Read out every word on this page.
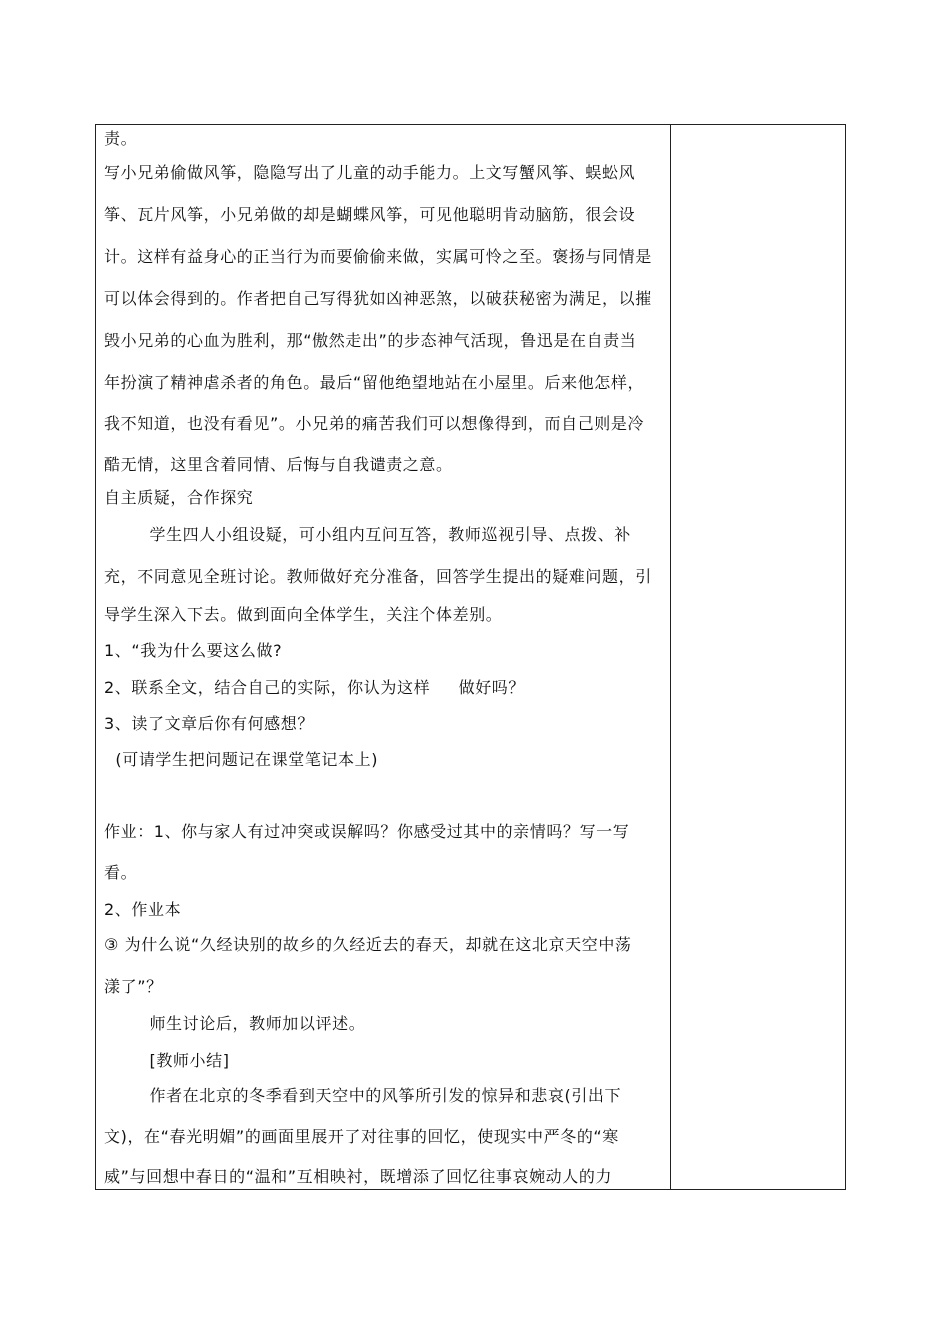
责。
写小兄弟偷做风筝，隐隐写出了儿童的动手能力。上文写蟹风筝、蜈蚣风
筝、瓦片风筝，小兄弟做的却是蝴蝶风筝，可见他聪明肯动脑筋，很会设
计。这样有益身心的正当行为而要偷偷来做，实属可怜之至。褒扬与同情是
可以体会得到的。作者把自己写得犹如凶神恶煞，以破获秘密为满足，以摧
毁小兄弟的心血为胜利，那“傲然走出”的步态神气活现，鲁迅是在自责当
年扮演了精神虐杀者的角色。最后“留他绝望地站在小屋里。后来他怎样，
我不知道，也没有看见”。小兄弟的痛苦我们可以想像得到，而自己则是冷
酷无情，这里含着同情、后悔与自我谴责之意。
自主质疑，合作探究
学生四人小组设疑，可小组内互问互答，教师巡视引导、点拨、补
充，不同意见全班讨论。教师做好充分准备，回答学生提出的疑难问题，引
导学生深入下去。做到面向全体学生，关注个体差别。
1、“我为什么要这么做?
2、联系全文，结合自己的实际，你认为这样     做好吗？
3、读了文章后你有何感想？
(可请学生把问题记在课堂笔记本上)
作业：1、你与家人有过冲突或误解吗？你感受过其中的亲情吗？写一写
看。
2、作业本
③ 为什么说“久经诀别的故乡的久经近去的春天，却就在这北京天空中荡
漾了”？
师生讨论后，教师加以评述。
[教师小结]
作者在北京的冬季看到天空中的风筝所引发的惊异和悲哀(引出下
文)，在“春光明媚”的画面里展开了对往事的回忆，使现实中严冬的“寒
威”与回想中春日的“温和”互相映衬，既增添了回忆往事哀婉动人的力
